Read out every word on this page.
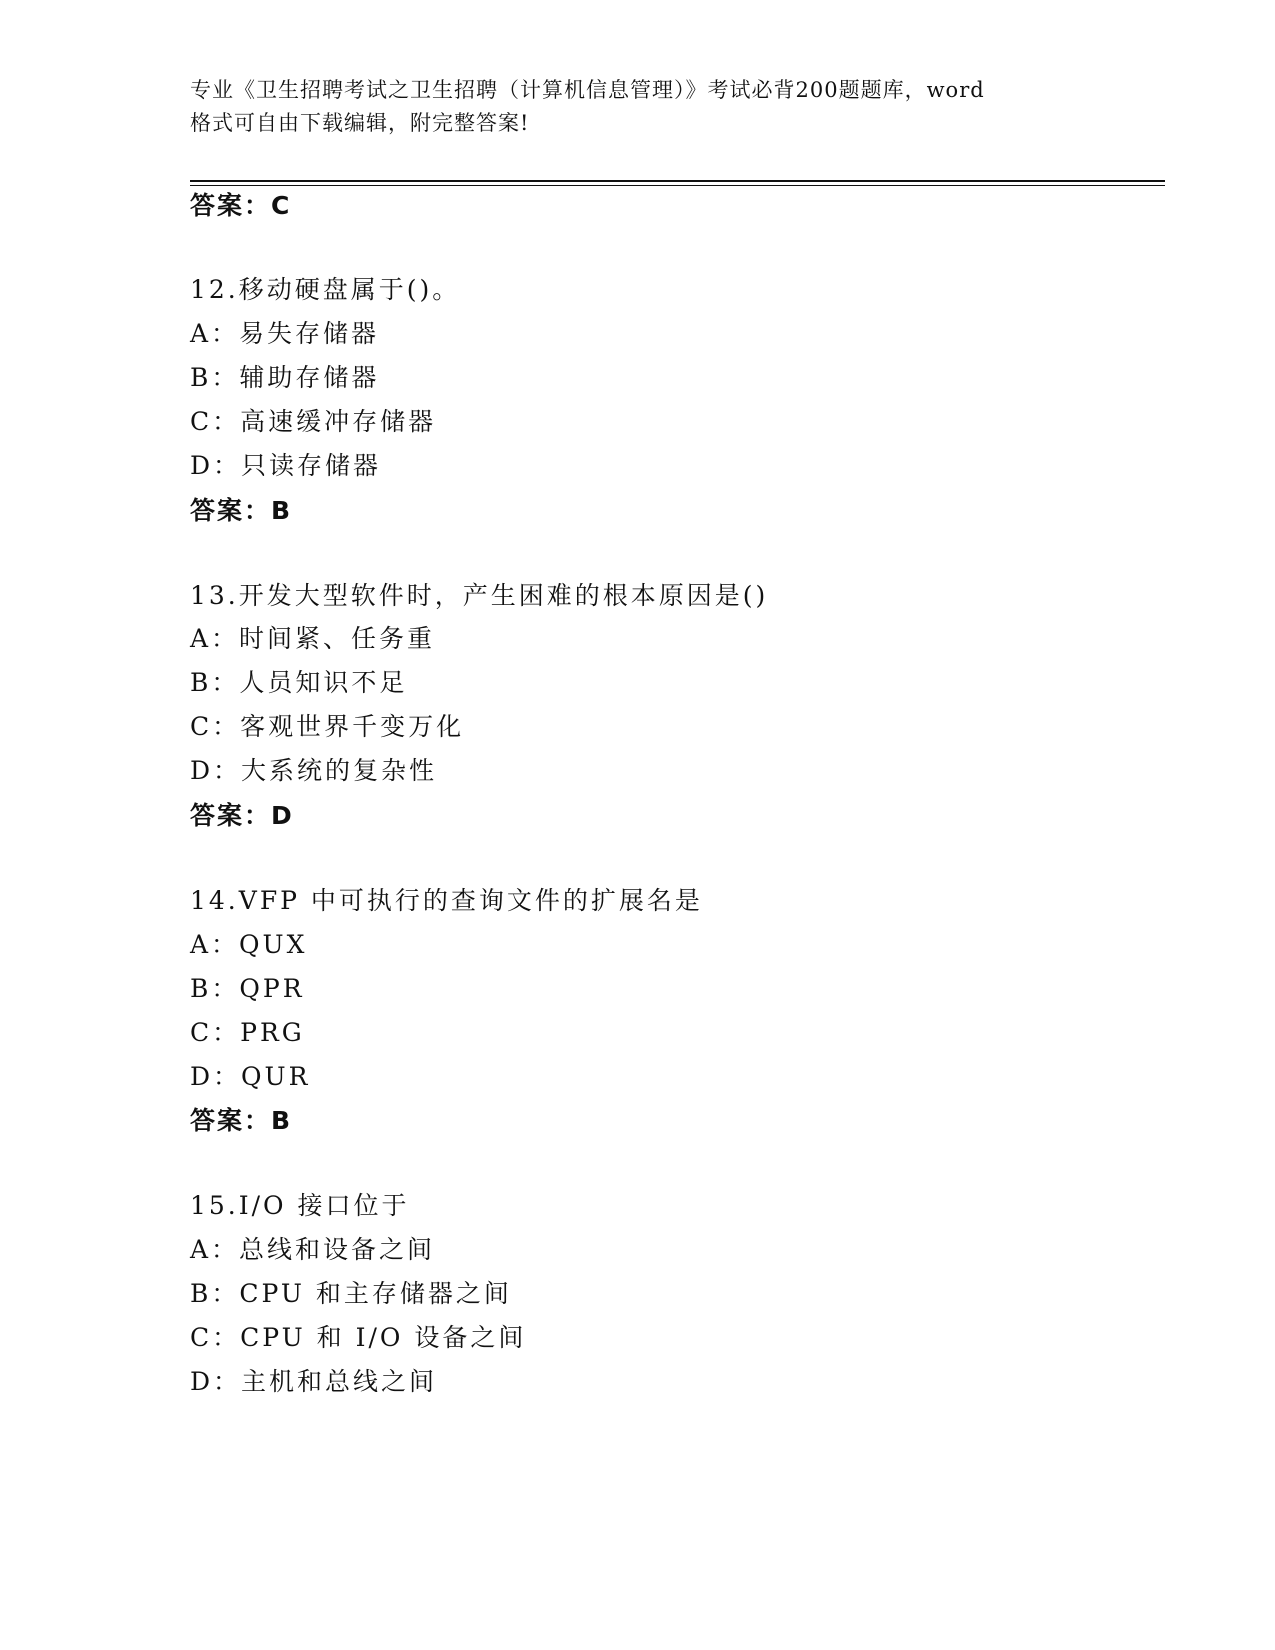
专业《卫生招聘考试之卫生招聘（计算机信息管理）》考试必背200题题库，word
格式可自由下载编辑，附完整答案!
答案：C
12.移动硬盘属于()。
A：易失存储器
B：辅助存储器
C：高速缓冲存储器
D：只读存储器
答案：B
13.开发大型软件时，产生困难的根本原因是()
A：时间紧、任务重
B：人员知识不足
C：客观世界千变万化
D：大系统的复杂性
答案：D
14.VFP 中可执行的查询文件的扩展名是
A：QUX
B：QPR
C：PRG
D：QUR
答案：B
15.I/O 接口位于
A：总线和设备之间
B：CPU 和主存储器之间
C：CPU 和 I/O 设备之间
D：主机和总线之间
